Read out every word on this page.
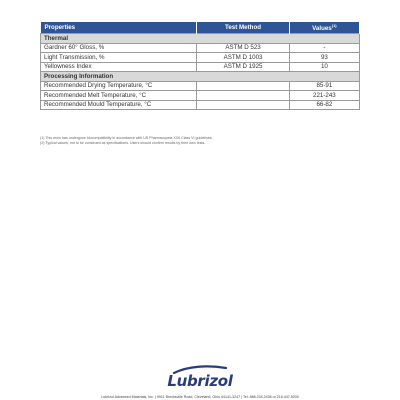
Properties	Test Method	Values$^{(1)}$
Thermal		
Gardner 60° Gloss, %	ASTM D 523	-
Light Transmission, %	ASTM D 1003	93
Yellowness Index	ASTM D 1925	10
Processing Information		
Recommended Drying Temperature, °C		85-91
Recommended Melt Temperature, °C		221-243
Recommended Mould Temperature, °C		66-82
(1) This resin has undergone biocompatibility in accordance with US Pharmacopeia XXII Class VI guidelines.
(2) Typical values, not to be construed as specifications. Users should confirm results by their own tests.
Lubrizol
Lubrizol Advanced Materials, Inc. | 9911 Brecksville Road, Cleveland, Ohio 44141-3247 | Tel: 888.234.2436 or 216.447.5000
